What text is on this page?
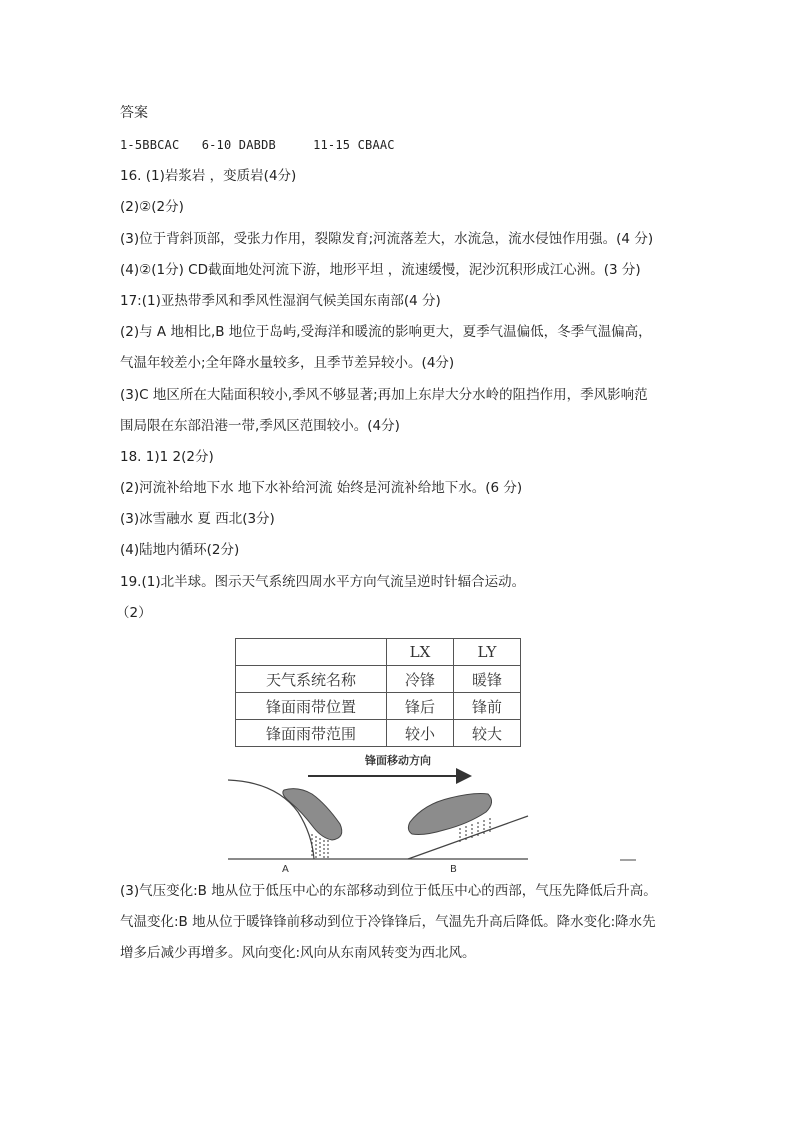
答案
1-5BBCAC 6-10 DABDB	11-15 CBAAC
16. (1)岩浆岩 ，变质岩(4分)
(2)②(2分)
(3)位于背斜顶部，受张力作用，裂隙发育;河流落差大，水流急，流水侵蚀作用强。(4 分)
(4)②(1分) CD截面地处河流下游，地形平坦 ，流速缓慢，泥沙沉积形成江心洲。(3 分)
17:(1)亚热带季风和季风性湿润气候美国东南部(4 分)
(2)与 A 地相比,B 地位于岛屿,受海洋和暖流的影响更大，夏季气温偏低，冬季气温偏高，
气温年较差小;全年降水量较多，且季节差异较小。(4分)
(3)C 地区所在大陆面积较小,季风不够显著;再加上东岸大分水岭的阻挡作用，季风影响范
围局限在东部沿港一带,季风区范围较小。(4分)
18. 1)1 2(2分)
(2)河流补给地下水 地下水补给河流 始终是河流补给地下水。(6 分)
(3)冰雪融水 夏 西北(3分)
(4)陆地内循环(2分)
19.(1)北半球。图示天气系统四周水平方向气流呈逆时针辐合运动。
（2）
	LX	LY
天气系统名称	冷锋	暖锋
锋面雨带位置	锋后	锋前
锋面雨带范围	较小	较大
锋面移动方向
A	B
(3)气压变化:B 地从位于低压中心的东部移动到位于低压中心的西部，气压先降低后升高。
气温变化:B 地从位于暖锋锋前移动到位于冷锋锋后，气温先升高后降低。降水变化:降水先
增多后减少再增多。风向变化:风向从东南风转变为西北风。
